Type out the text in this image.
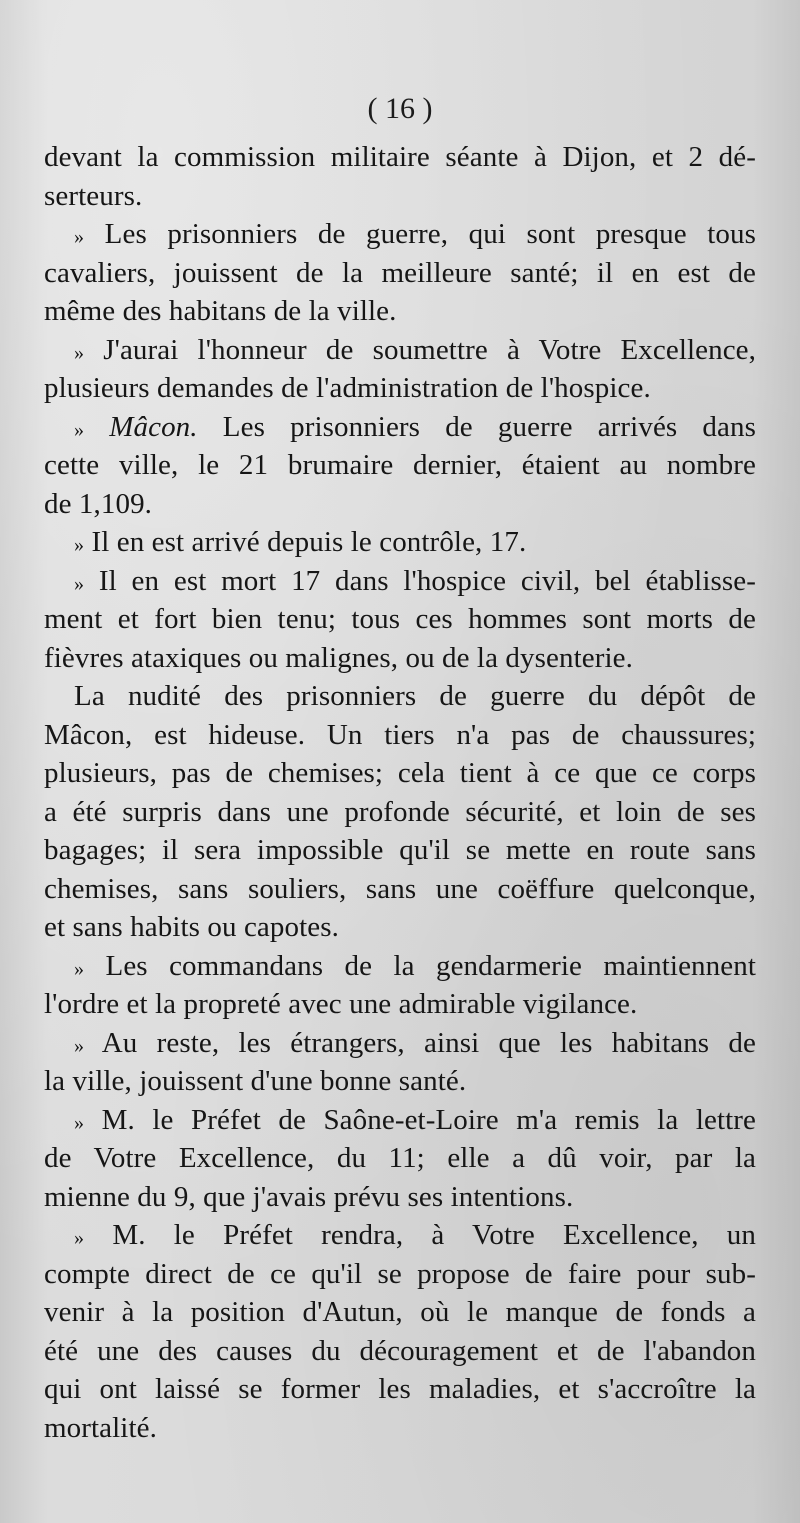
( 16 )
devant la commission militaire séante à Dijon, et 2 dé-
serteurs.
» Les prisonniers de guerre, qui sont presque tous
cavaliers, jouissent de la meilleure santé; il en est de
même des habitans de la ville.
» J'aurai l'honneur de soumettre à Votre Excellence,
plusieurs demandes de l'administration de l'hospice.
» Mâcon. Les prisonniers de guerre arrivés dans
cette ville, le 21 brumaire dernier, étaient au nombre
de 1,109.
» Il en est arrivé depuis le contrôle, 17.
» Il en est mort 17 dans l'hospice civil, bel établisse-
ment et fort bien tenu; tous ces hommes sont morts de
fièvres ataxiques ou malignes, ou de la dysenterie.
La nudité des prisonniers de guerre du dépôt de
Mâcon, est hideuse. Un tiers n'a pas de chaussures;
plusieurs, pas de chemises; cela tient à ce que ce corps
a été surpris dans une profonde sécurité, et loin de ses
bagages; il sera impossible qu'il se mette en route sans
chemises, sans souliers, sans une coëffure quelconque,
et sans habits ou capotes.
» Les commandans de la gendarmerie maintiennent
l'ordre et la propreté avec une admirable vigilance.
» Au reste, les étrangers, ainsi que les habitans de
la ville, jouissent d'une bonne santé.
» M. le Préfet de Saône-et-Loire m'a remis la lettre
de Votre Excellence, du 11; elle a dû voir, par la
mienne du 9, que j'avais prévu ses intentions.
» M. le Préfet rendra, à Votre Excellence, un
compte direct de ce qu'il se propose de faire pour sub-
venir à la position d'Autun, où le manque de fonds a
été une des causes du découragement et de l'abandon
qui ont laissé se former les maladies, et s'accroître la
mortalité.
